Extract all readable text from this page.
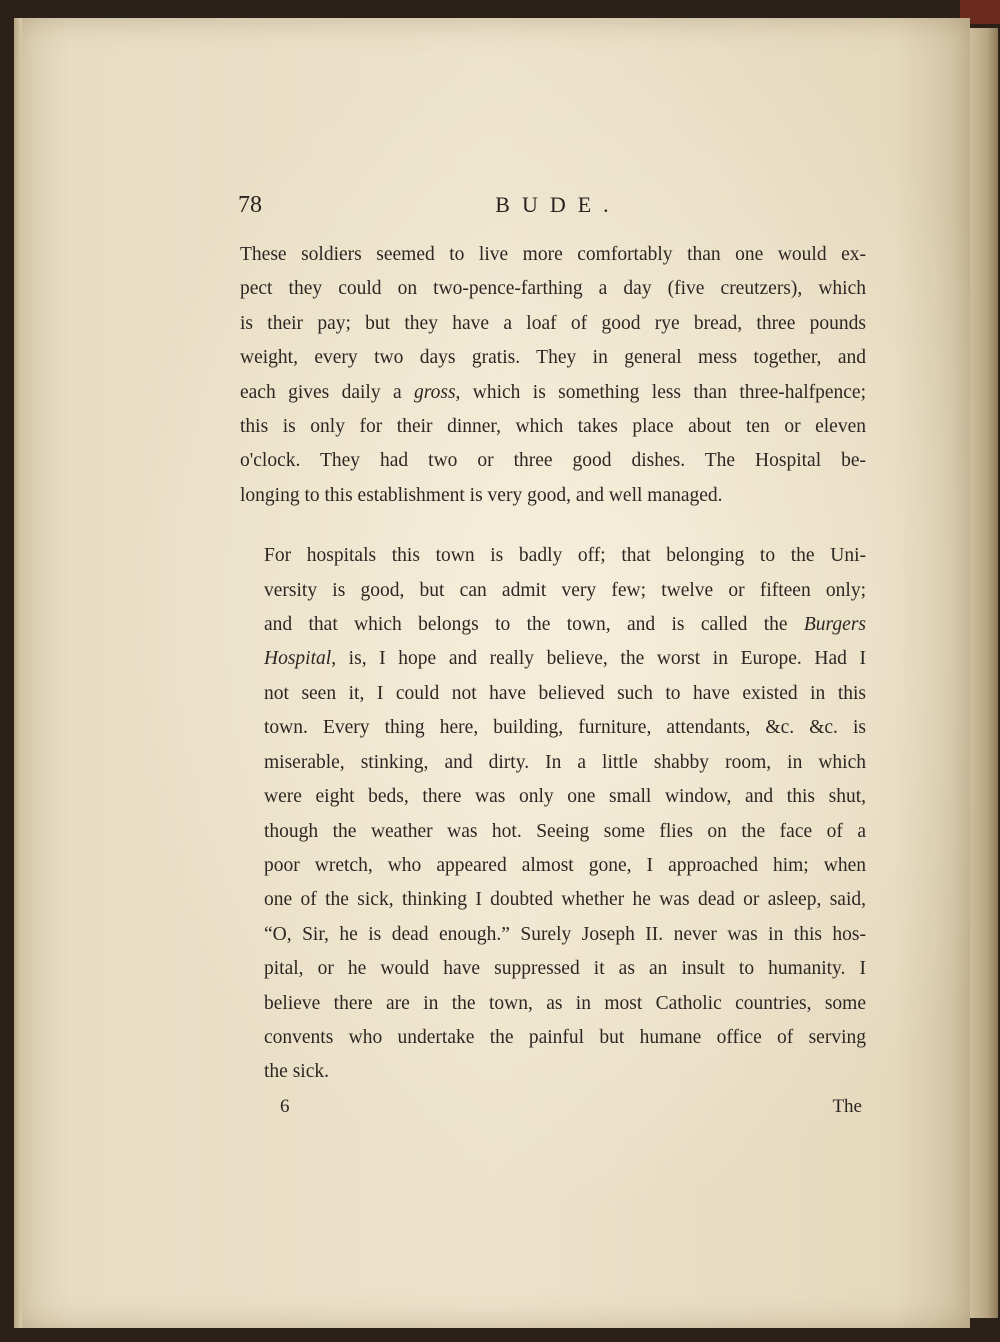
78	BUDE.
These soldiers seemed to live more comfortably than one would ex-
pect they could on two-pence-farthing a day (five creutzers), which
is their pay; but they have a loaf of good rye bread, three pounds
weight, every two days gratis. They in general mess together, and
each gives daily a gross, which is something less than three-halfpence;
this is only for their dinner, which takes place about ten or eleven
o'clock. They had two or three good dishes. The Hospital be-
longing to this establishment is very good, and well managed.
For hospitals this town is badly off; that belonging to the Uni-
versity is good, but can admit very few; twelve or fifteen only;
and that which belongs to the town, and is called the Burgers
Hospital, is, I hope and really believe, the worst in Europe. Had I
not seen it, I could not have believed such to have existed in this
town. Every thing here, building, furniture, attendants, &c. &c. is
miserable, stinking, and dirty. In a little shabby room, in which
were eight beds, there was only one small window, and this shut,
though the weather was hot. Seeing some flies on the face of a
poor wretch, who appeared almost gone, I approached him; when
one of the sick, thinking I doubted whether he was dead or asleep, said,
“O, Sir, he is dead enough.” Surely Joseph II. never was in this hos-
pital, or he would have suppressed it as an insult to humanity. I
believe there are in the town, as in most Catholic countries, some
convents who undertake the painful but humane office of serving
the sick.
6	The
